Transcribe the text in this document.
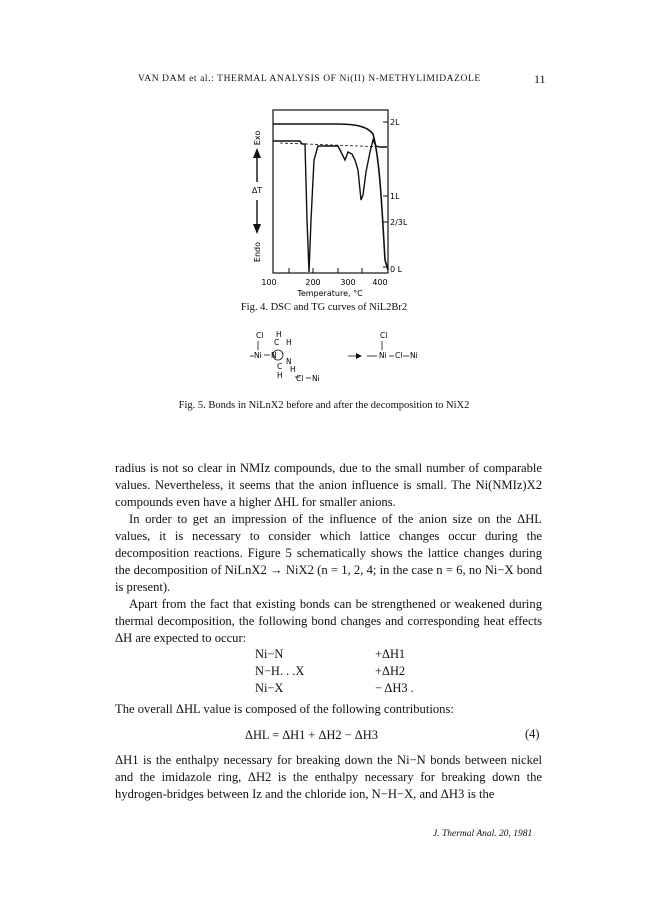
VAN DAM et al.: THERMAL ANALYSIS OF Ni(II) N-METHYLIMIDAZOLE	11
Exo
ΔT
Endo
2L
1L
2/3L
0 L
100	200 300 400
Temperature, °C
Fig. 4. DSC and TG curves of NiL2Br2
Cl H
C H
Ni N
C
N
H
H
Cl Ni
Cl
Ni Cl Ni
Fig. 5. Bonds in NiLnX2 before and after the decomposition to NiX2

radius is not so clear in NMIz compounds, due to the small number of comparable values. Nevertheless, it seems that the anion influence is small. The Ni(NMIz)X2 compounds even have a higher ΔHL for smaller anions.

In order to get an impression of the influence of the anion size on the ΔHL values, it is necessary to consider which lattice changes occur during the decomposition reactions. Figure 5 schematically shows the lattice changes during the decomposition of NiLnX2 → NiX2 (n = 1, 2, 4; in the case n = 6, no Ni−X bond is present).

Apart from the fact that existing bonds can be strengthened or weakened during thermal decomposition, the following bond changes and corresponding heat effects ΔH are expected to occur:

Ni−N	+ΔH1
N−H. . .X	+ΔH2
Ni−X	− ΔH3 .
The overall ΔHL value is composed of the following contributions:
ΔHL = ΔH1 + ΔH2 − ΔH3	(4)
ΔH1 is the enthalpy necessary for breaking down the Ni−N bonds between nickel and the imidazole ring, ΔH2 is the enthalpy necessary for breaking down the hydrogen-bridges between Iz and the chloride ion, N−H−X, and ΔH3 is the
J. Thermal Anal. 20, 1981
